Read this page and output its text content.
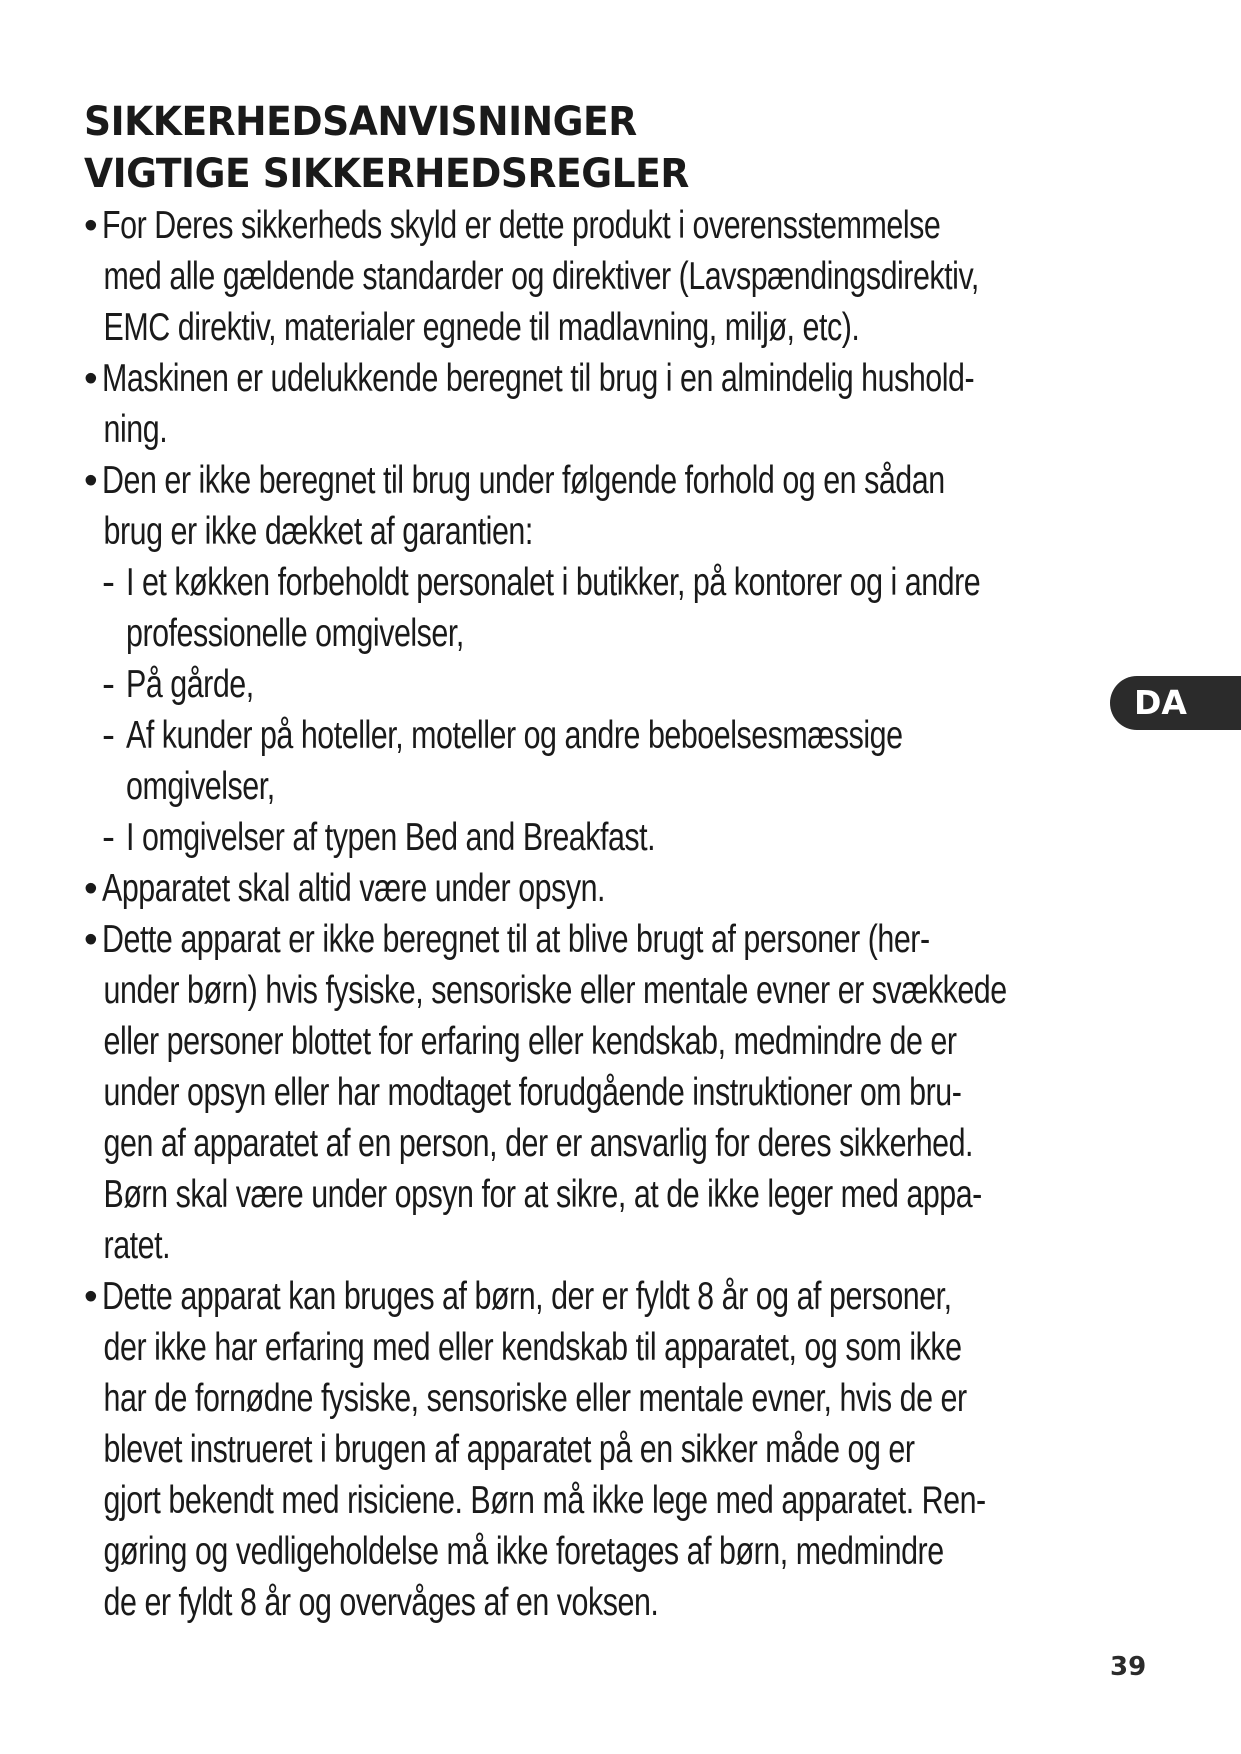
SIKKERHEDSANVISNINGER
VIGTIGE SIKKERHEDSREGLER
• For Deres sikkerheds skyld er dette produkt i overensstemmelse
med alle gældende standarder og direktiver (Lavspændingsdirektiv,
EMC direktiv, materialer egnede til madlavning, miljø, etc).
• Maskinen er udelukkende beregnet til brug i en almindelig hushold-
ning.
• Den er ikke beregnet til brug under følgende forhold og en sådan
brug er ikke dækket af garantien:
- I et køkken forbeholdt personalet i butikker, på kontorer og i andre
professionelle omgivelser,
- På gårde,
- Af kunder på hoteller, moteller og andre beboelsesmæssige
omgivelser,
- I omgivelser af typen Bed and Breakfast.
• Apparatet skal altid være under opsyn.
• Dette apparat er ikke beregnet til at blive brugt af personer (her-
under børn) hvis fysiske, sensoriske eller mentale evner er svækkede
eller personer blottet for erfaring eller kendskab, medmindre de er
under opsyn eller har modtaget forudgående instruktioner om bru-
gen af apparatet af en person, der er ansvarlig for deres sikkerhed.
Børn skal være under opsyn for at sikre, at de ikke leger med appa-
ratet.
• Dette apparat kan bruges af børn, der er fyldt 8 år og af personer,
der ikke har erfaring med eller kendskab til apparatet, og som ikke
har de fornødne fysiske, sensoriske eller mentale evner, hvis de er
blevet instrueret i brugen af apparatet på en sikker måde og er
gjort bekendt med risiciene. Børn må ikke lege med apparatet. Ren-
gøring og vedligeholdelse må ikke foretages af børn, medmindre
de er fyldt 8 år og overvåges af en voksen.
DA
39
